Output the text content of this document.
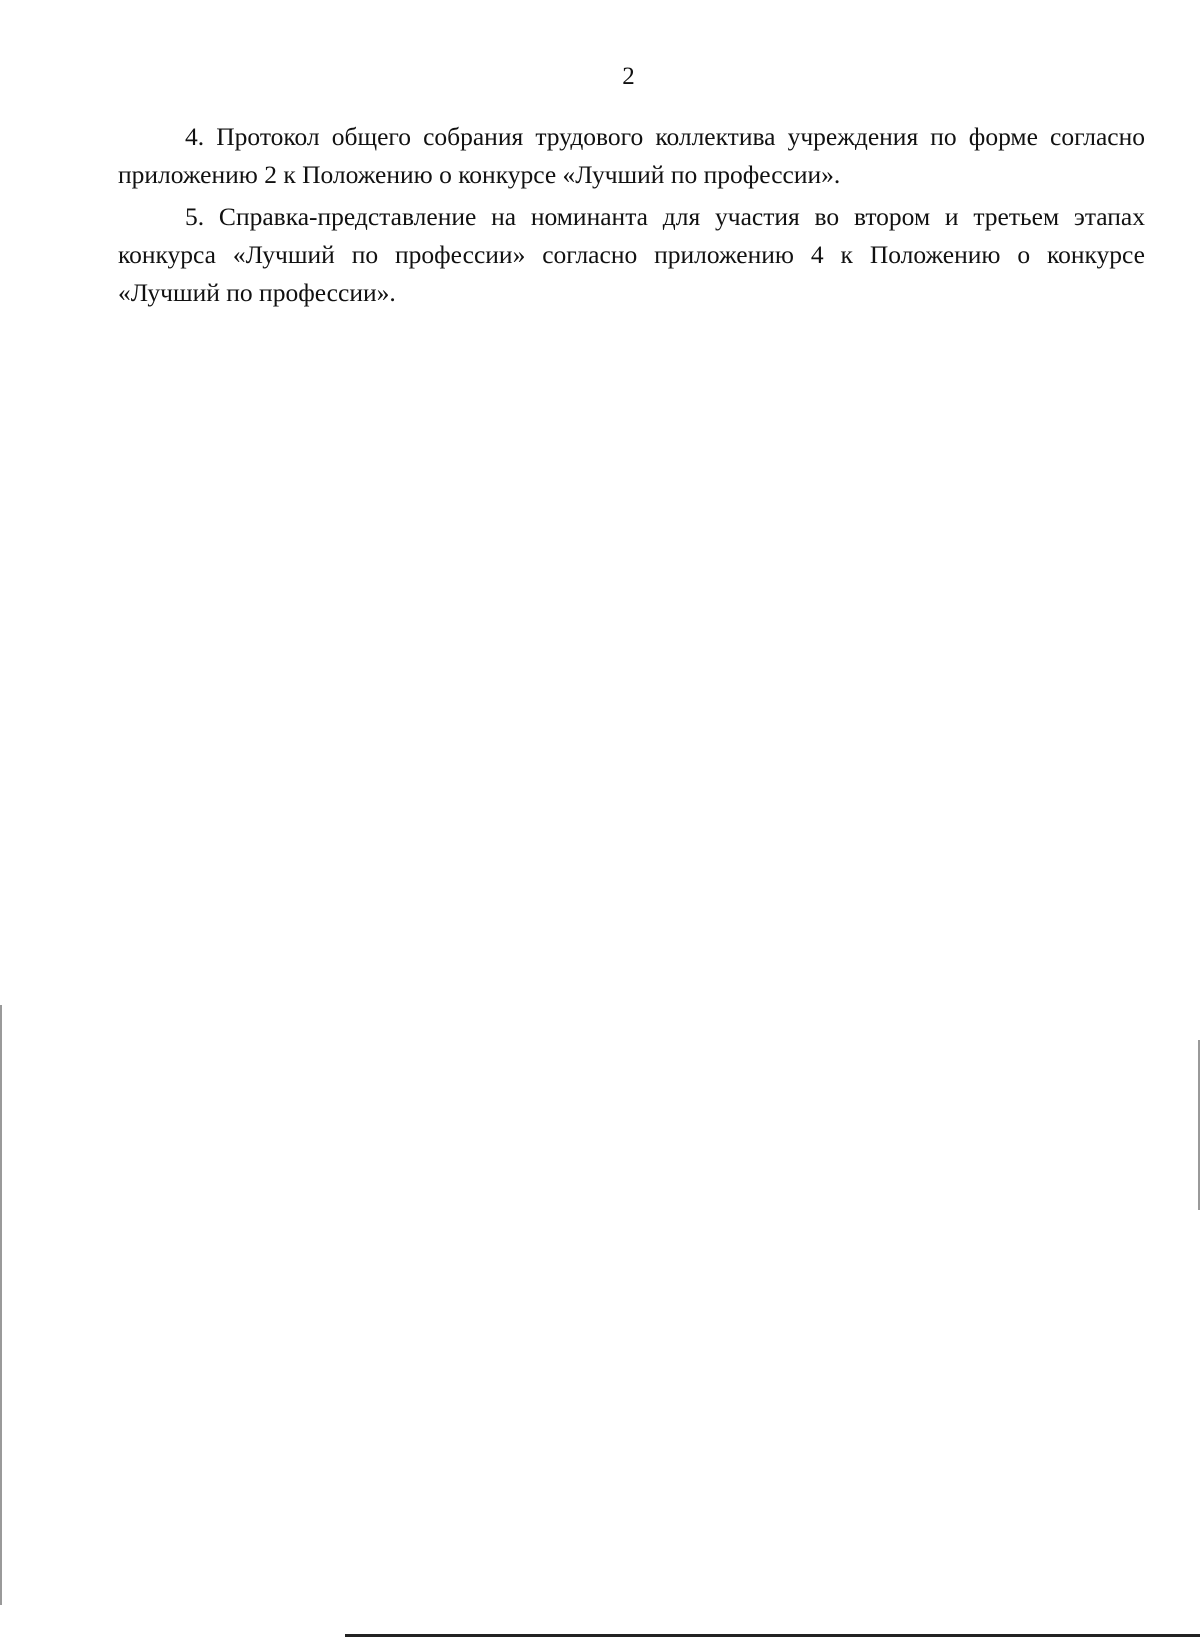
2

4. Протокол общего собрания трудового коллектива учреждения по форме согласно приложению 2 к Положению о конкурсе «Лучший по профессии».

5. Справка-представление на номинанта для участия во втором и третьем этапах конкурса «Лучший по профессии» согласно приложению 4 к Положению о конкурсе «Лучший по профессии».
